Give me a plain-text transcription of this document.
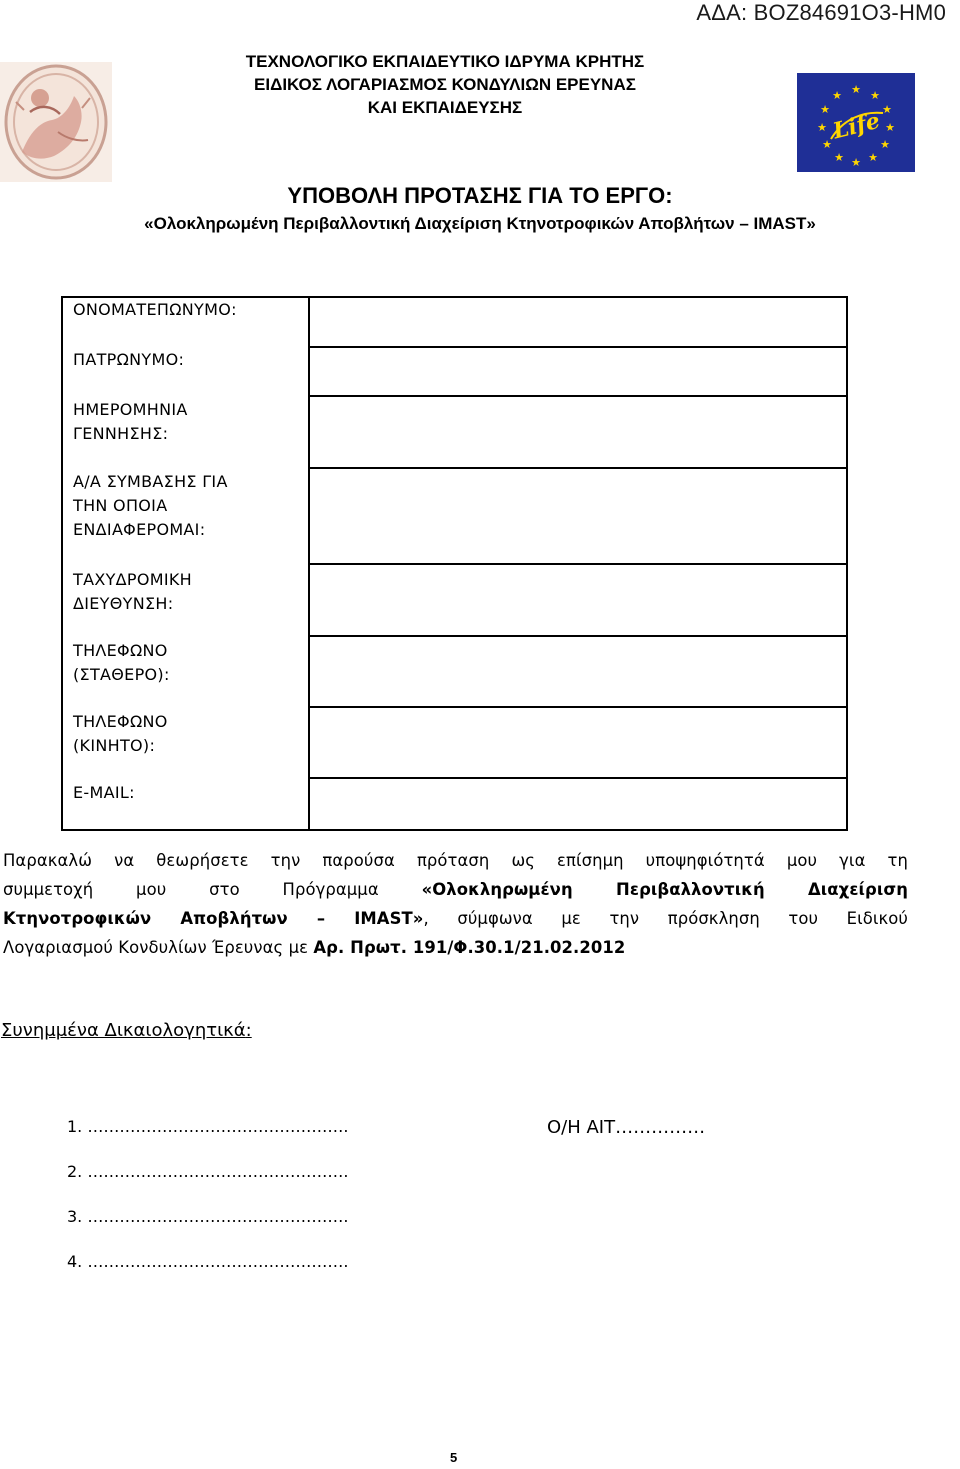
ΑΔΑ: ΒΟΖ84691Ο3-ΗΜ0
ΤΕΧΝΟΛΟΓΙΚΟ ΕΚΠΑΙΔΕΥΤΙΚΟ ΙΔΡΥΜΑ ΚΡΗΤΗΣ
ΕΙΔΙΚΟΣ ΛΟΓΑΡΙΑΣΜΟΣ ΚΟΝΔΥΛΙΩΝ ΕΡΕΥΝΑΣ
ΚΑΙ ΕΚΠΑΙΔΕΥΣΗΣ
★ ★
★
★
★
★
★
★
★
★
★
★
Life
ΥΠΟΒΟΛΗ ΠΡΟΤΑΣΗΣ ΓΙΑ ΤΟ ΕΡΓΟ:
«Ολοκληρωμένη Περιβαλλοντική Διαχείριση Κτηνοτροφικών Αποβλήτων – IMAST»
ΟΝΟΜΑΤΕΠΩΝΥΜΟ:
ΠΑΤΡΩΝΥΜΟ:
ΗΜΕΡΟΜΗΝΙΑ
ΓΕΝΝΗΣΗΣ:
Α/Α ΣΥΜΒΑΣΗΣ ΓΙΑ
ΤΗΝ ΟΠΟΙΑ
ΕΝΔΙΑΦΕΡΟΜΑΙ:
ΤΑΧΥΔΡΟΜΙΚΗ
ΔΙΕΥΘΥΝΣΗ:
ΤΗΛΕΦΩΝΟ
(ΣΤΑΘΕΡΟ):
ΤΗΛΕΦΩΝΟ
(ΚΙΝΗΤΟ):
E-MAIL:
Παρακαλώ να θεωρήσετε την παρούσα πρόταση ως επίσημη υποψηφιότητά μου για τη
συμμετοχή μου στο Πρόγραμμα	«Ολοκληρωμένη Περιβαλλοντική Διαχείριση
Κτηνοτροφικών Αποβλήτων – IMAST», σύμφωνα με την πρόσκληση του Ειδικού
Λογαριασμού Κονδυλίων Έρευνας με Αρ. Πρωτ. 191/Φ.30.1/21.02.2012
Συνημμένα Δικαιολογητικά:
1. ………………………………………….
2. ………………………………………….
3. ………………………………………….
4. ………………………………………….
Ο/Η ΑΙΤ……………
5
